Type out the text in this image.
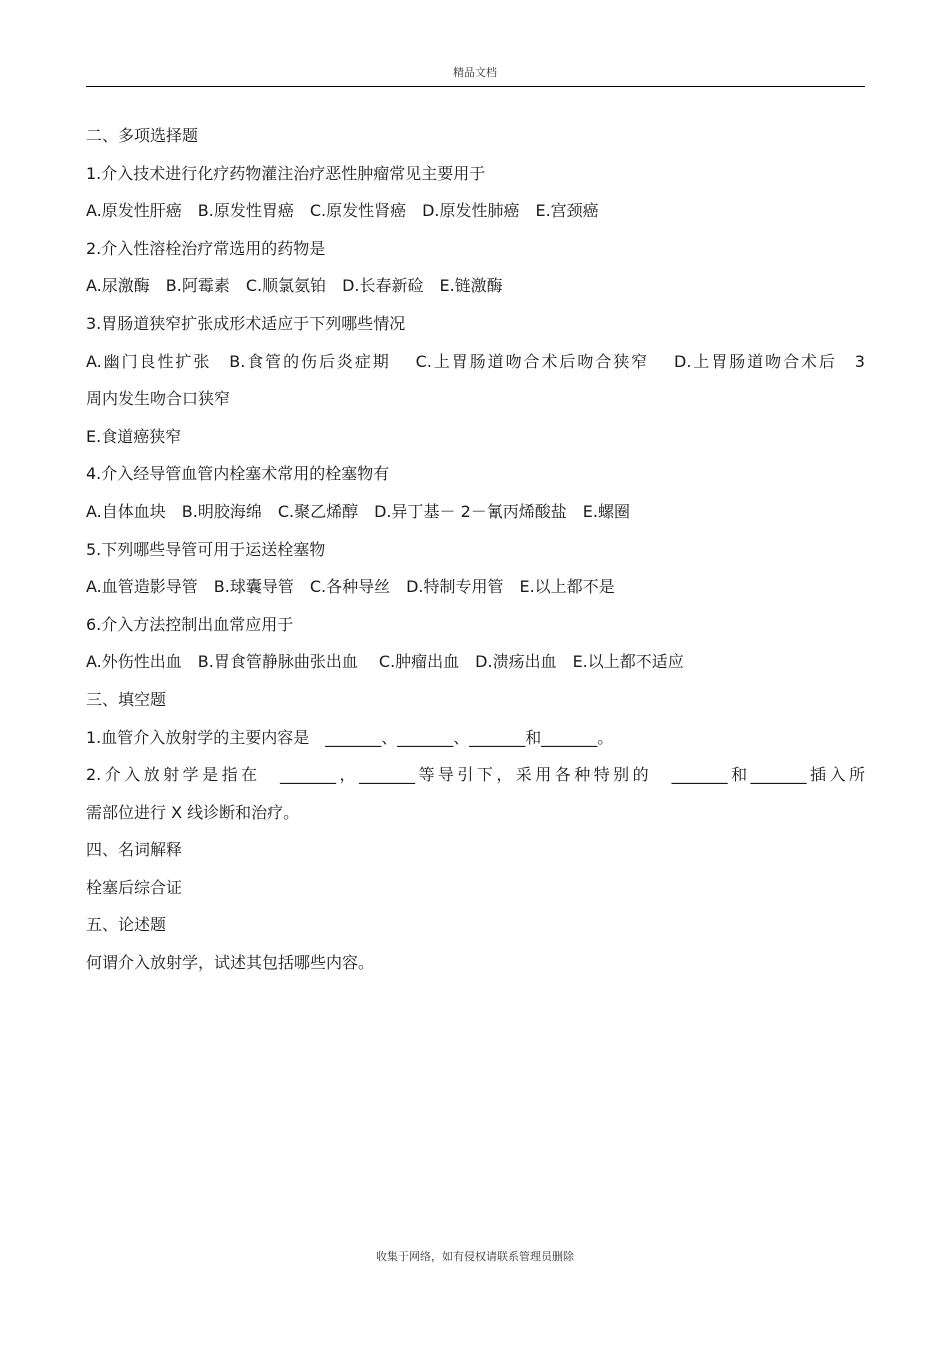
精品文档
二、多项选择题
1.介入技术进行化疗药物灌注治疗恶性肿瘤常见主要用于
A.原发性肝癌　B.原发性胃癌　C.原发性肾癌　D.原发性肺癌　E.宫颈癌
2.介入性溶栓治疗常选用的药物是
A.尿激酶　B.阿霉素　C.顺氯氨铂　D.长春新硷　E.链激酶
3.胃肠道狭窄扩张成形术适应于下列哪些情况
A.幽门良性扩张　B.食管的伤后炎症期　 C.上胃肠道吻合术后吻合狭窄　 D.上胃肠道吻合术后　3
周内发生吻合口狭窄
E.食道癌狭窄
4.介入经导管血管内栓塞术常用的栓塞物有
A.自体血块　B.明胶海绵　C.聚乙烯醇　D.异丁基－ 2－氰丙烯酸盐　E.螺圈
5.下列哪些导管可用于运送栓塞物
A.血管造影导管　B.球囊导管　C.各种导丝　D.特制专用管　E.以上都不是
6.介入方法控制出血常应用于
A.外伤性出血　B.胃食管静脉曲张出血　 C.肿瘤出血　D.溃疡出血　E.以上都不适应
三、填空题
1.血管介入放射学的主要内容是　_______、_______、_______和_______。
2.介入放射学是指在　_______，_______等导引下，采用各种特别的　_______和_______插入所
需部位进行 X 线诊断和治疗。
四、名词解释
栓塞后综合证
五、论述题
何谓介入放射学，试述其包括哪些内容。
收集于网络，如有侵权请联系管理员删除
